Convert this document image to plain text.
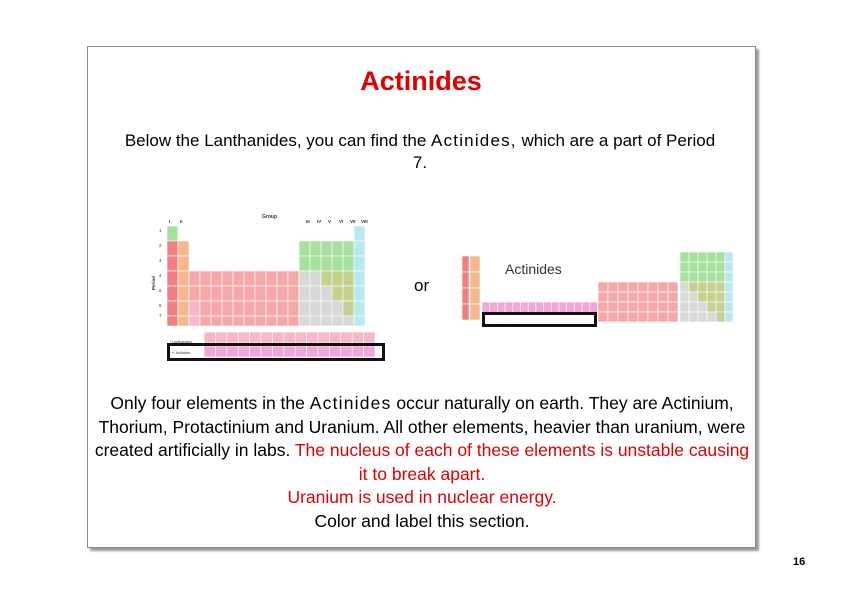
Actinides
Below the Lanthanides, you can find the Actinides, which are a part of Period 7.
Group
I II	III IV V VI VII VIII
Period
1
2
3
4
5
6
7
* Lanthanides
** Actinides
or
Actinides
Only four elements in the Actinides occur naturally on earth. They are Actinium, Thorium, Protactinium and Uranium. All other elements, heavier than uranium, were created artificially in labs. The nucleus of each of these elements is unstable causing it to break apart.
Uranium is used in nuclear energy.
Color and label this section.
16
